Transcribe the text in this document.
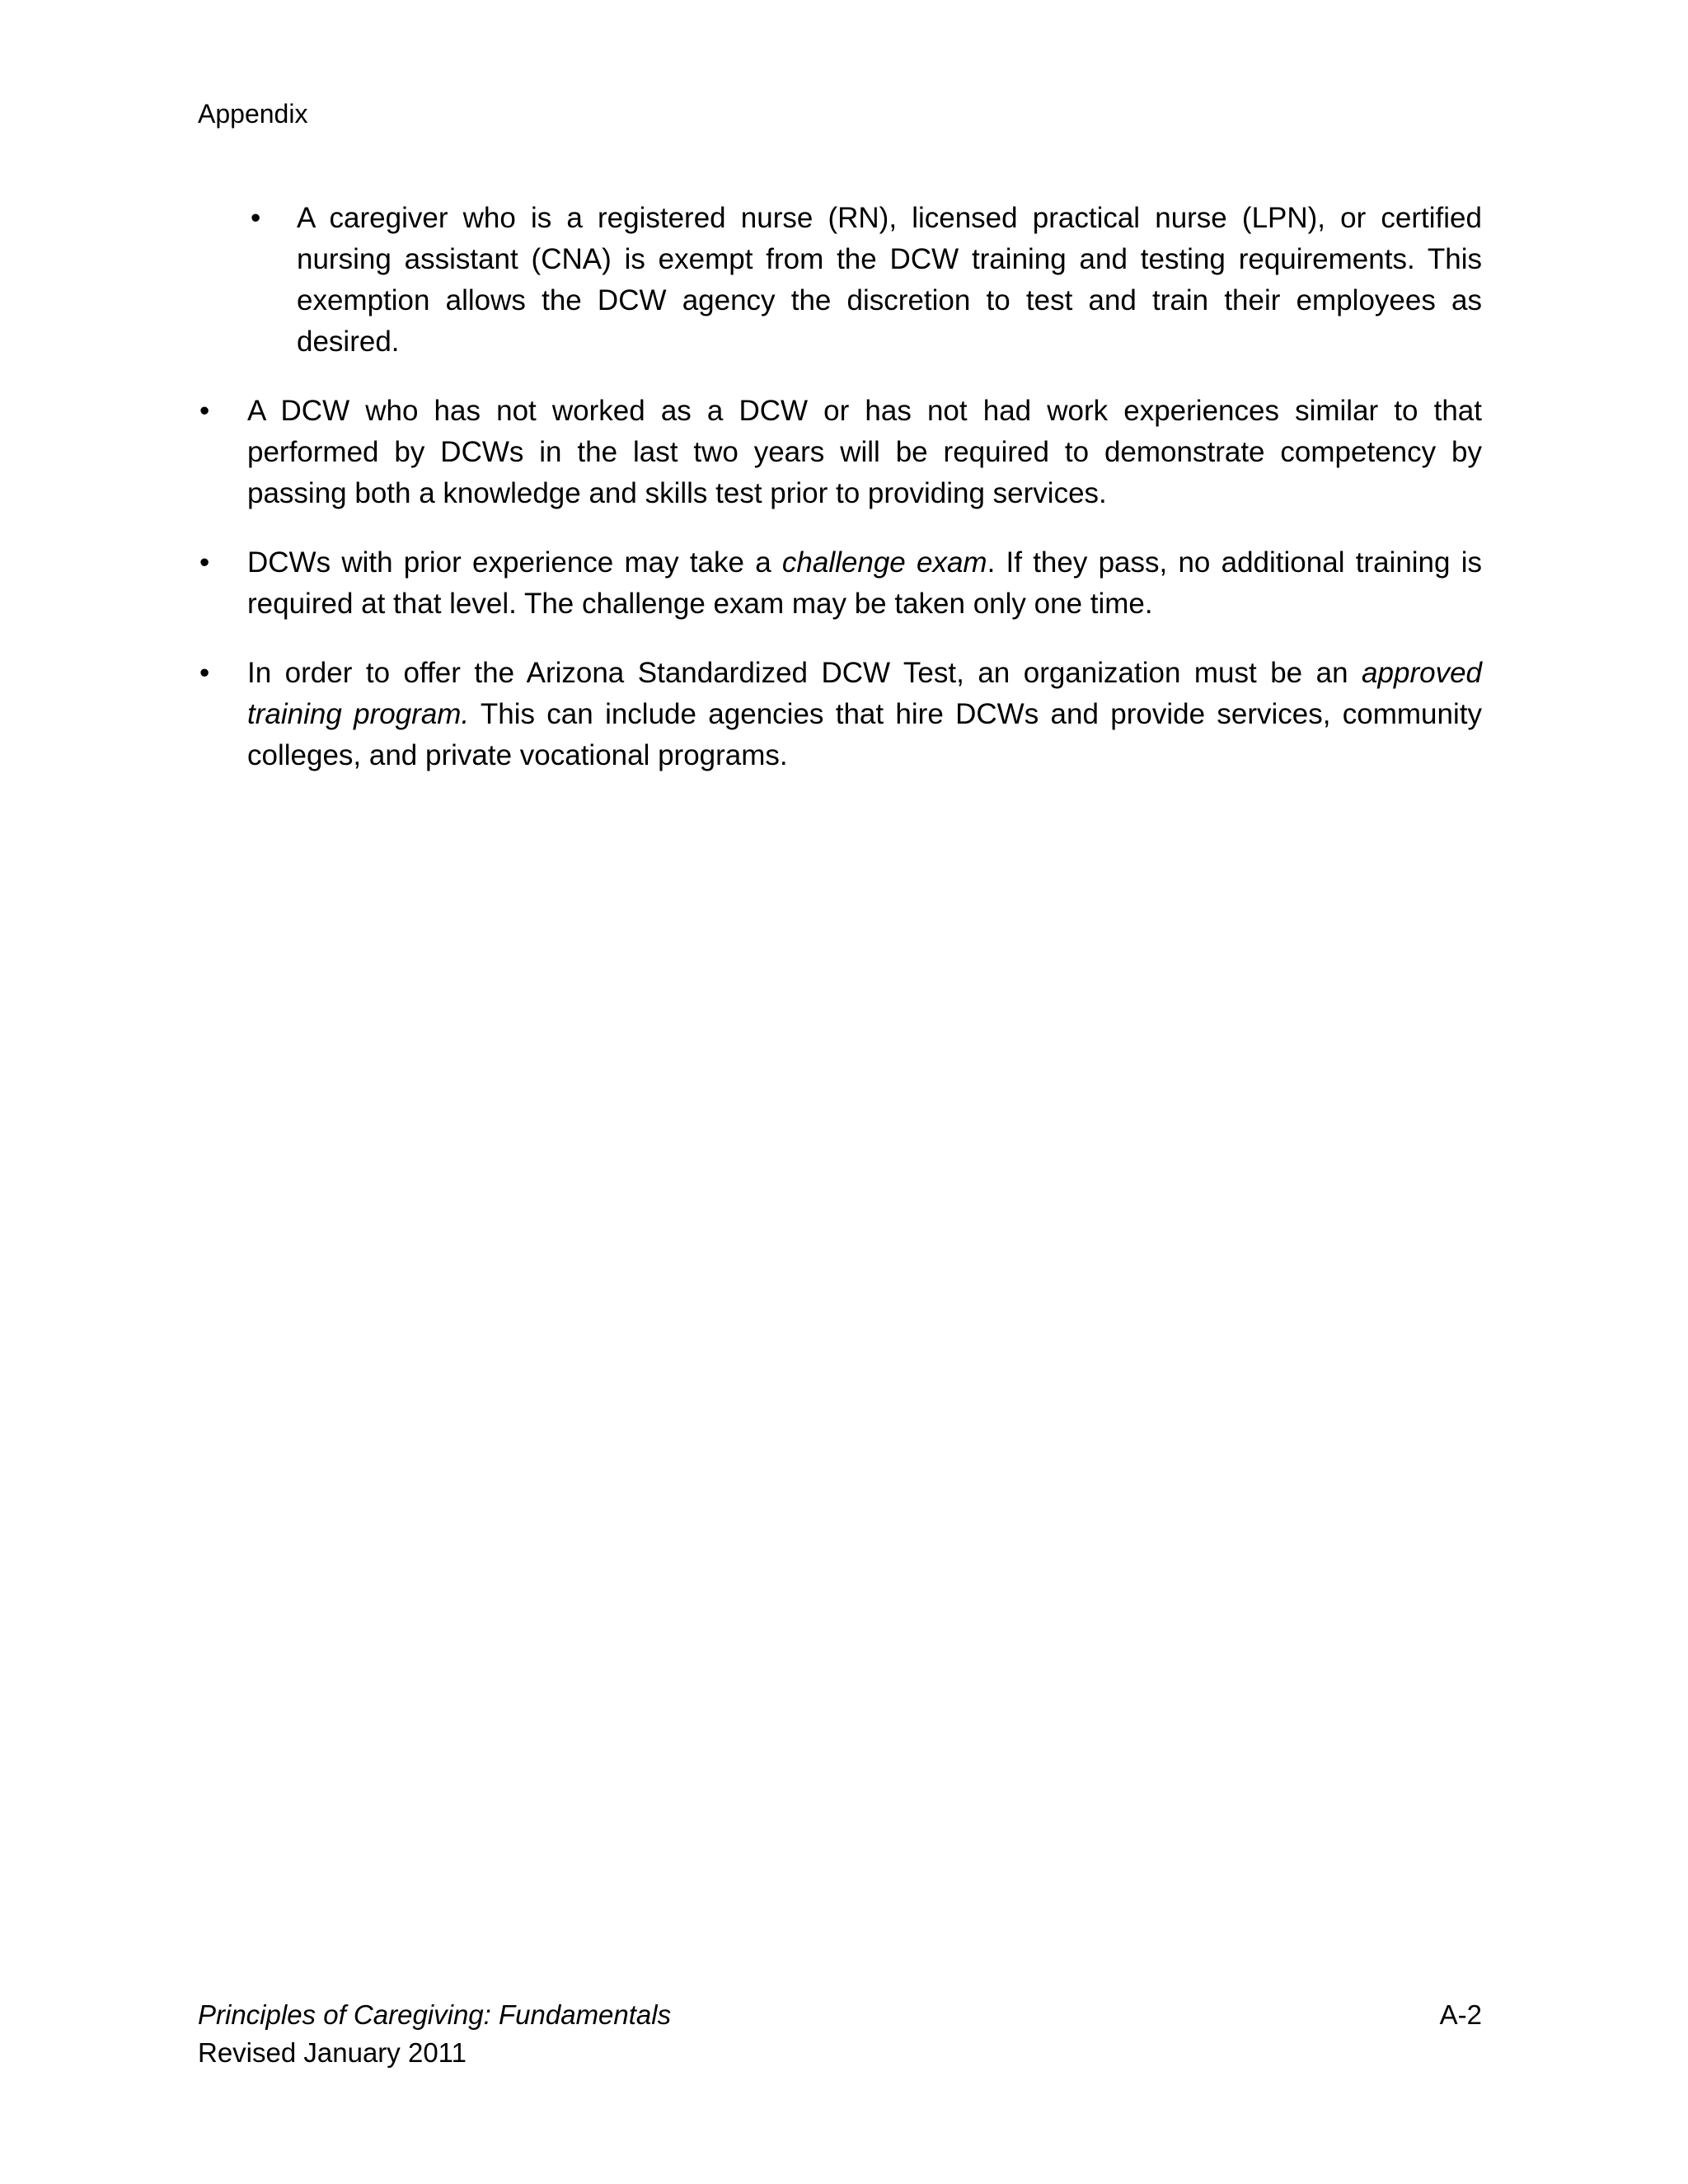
Appendix
•	A caregiver who is a registered nurse (RN), licensed practical nurse (LPN), or certified nursing assistant (CNA) is exempt from the DCW training and testing requirements. This exemption allows the DCW agency the discretion to test and train their employees as desired.
•	A DCW who has not worked as a DCW or has not had work experiences similar to that performed by DCWs in the last two years will be required to demonstrate competency by passing both a knowledge and skills test prior to providing services.
•	DCWs with prior experience may take a challenge exam. If they pass, no additional training is required at that level. The challenge exam may be taken only one time.
•	In order to offer the Arizona Standardized DCW Test, an organization must be an approved training program. This can include agencies that hire DCWs and provide services, community colleges, and private vocational programs.
Principles of Caregiving: Fundamentals
Revised January 2011
A-2
